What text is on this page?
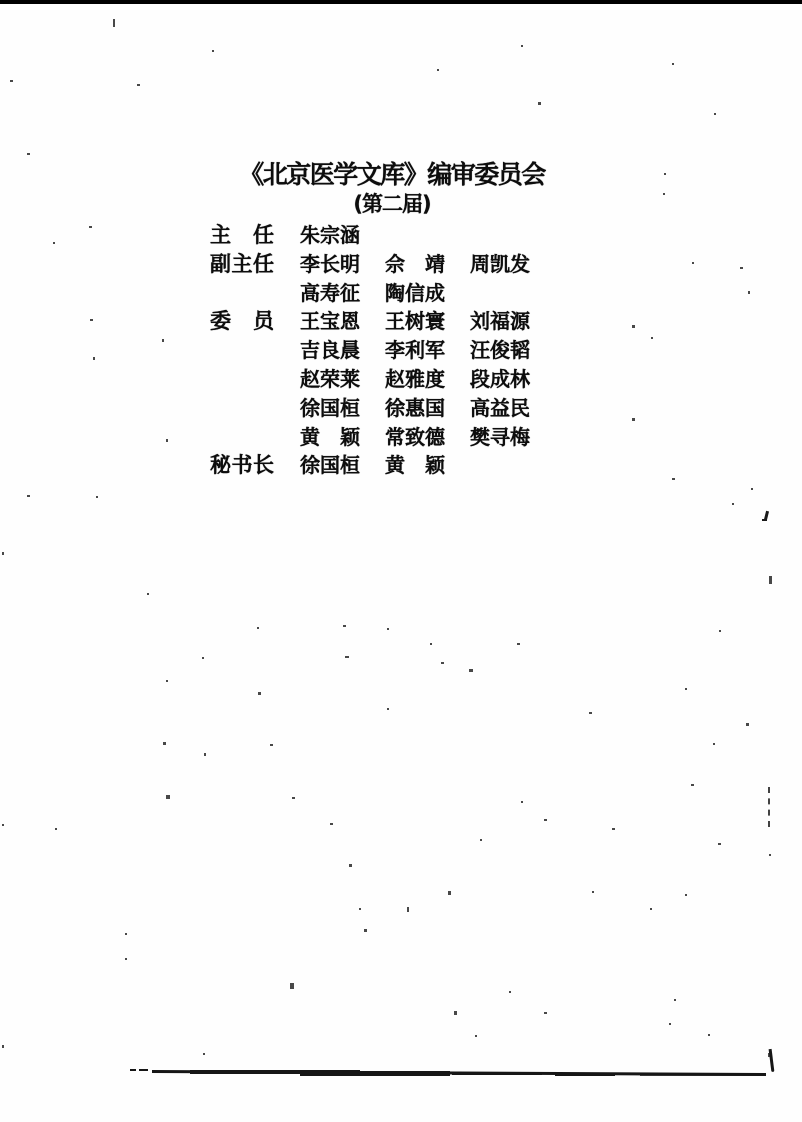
《北京医学文库》编审委员会
(第二届)
主　任 朱宗涵
副主任 李长明 佘　靖 周凯发
高寿征 陶信成
委　员 王宝恩 王树寰 刘福源
吉良晨 李利军 汪俊韬
赵荣莱 赵雅度 段成林
徐国桓 徐惠国 高益民
黄　颖 常致德 樊寻梅
秘书长 徐国桓 黄　颖
